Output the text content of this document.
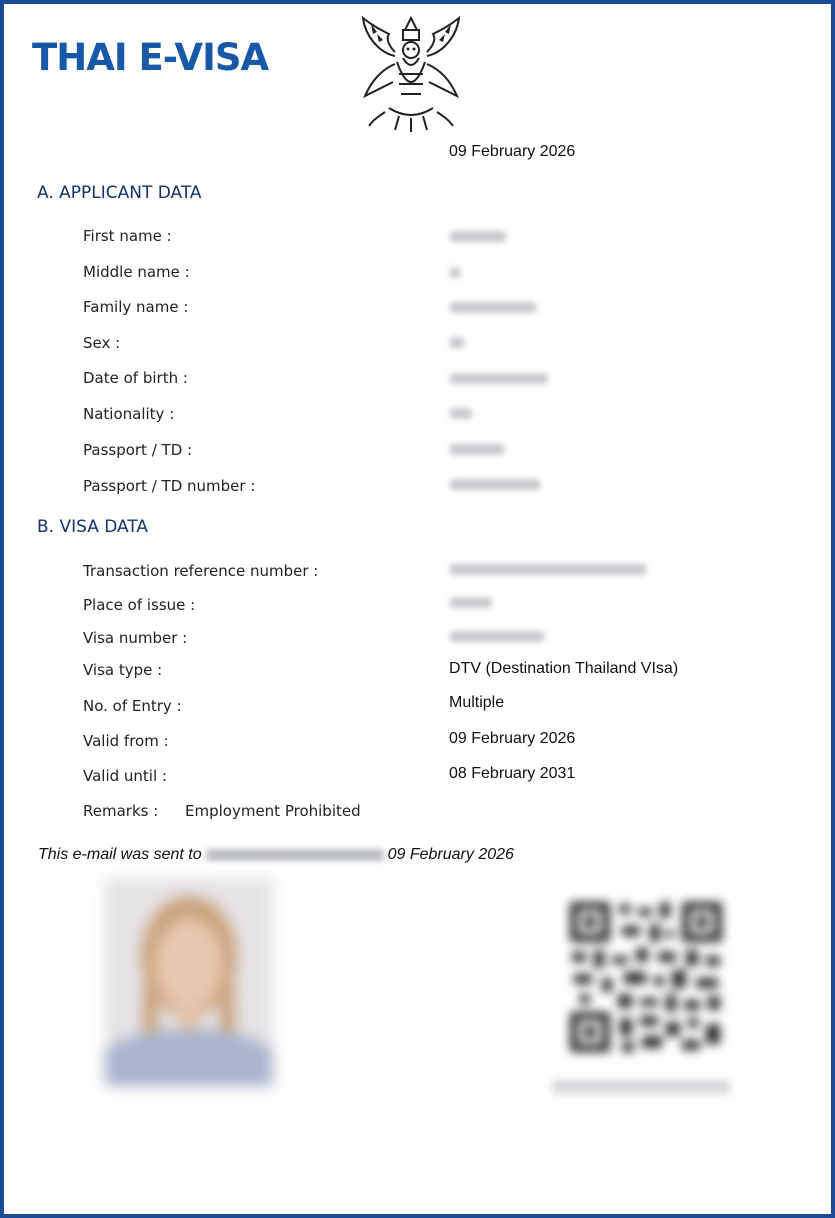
THAI E-VISA
09 February 2026
A. APPLICANT DATA
First name :
Middle name :
Family name :
Sex :
Date of birth :
Nationality :
Passport / TD :
Passport / TD number :
B. VISA DATA
Transaction reference number :
Place of issue :
Visa number :
Visa type :	DTV (Destination Thailand VIsa)
No. of Entry :	Multiple
Valid from :	09 February 2026
Valid until :	08 February 2031
Remarks : Employment Prohibited
This e-mail was sent to	09 February 2026
